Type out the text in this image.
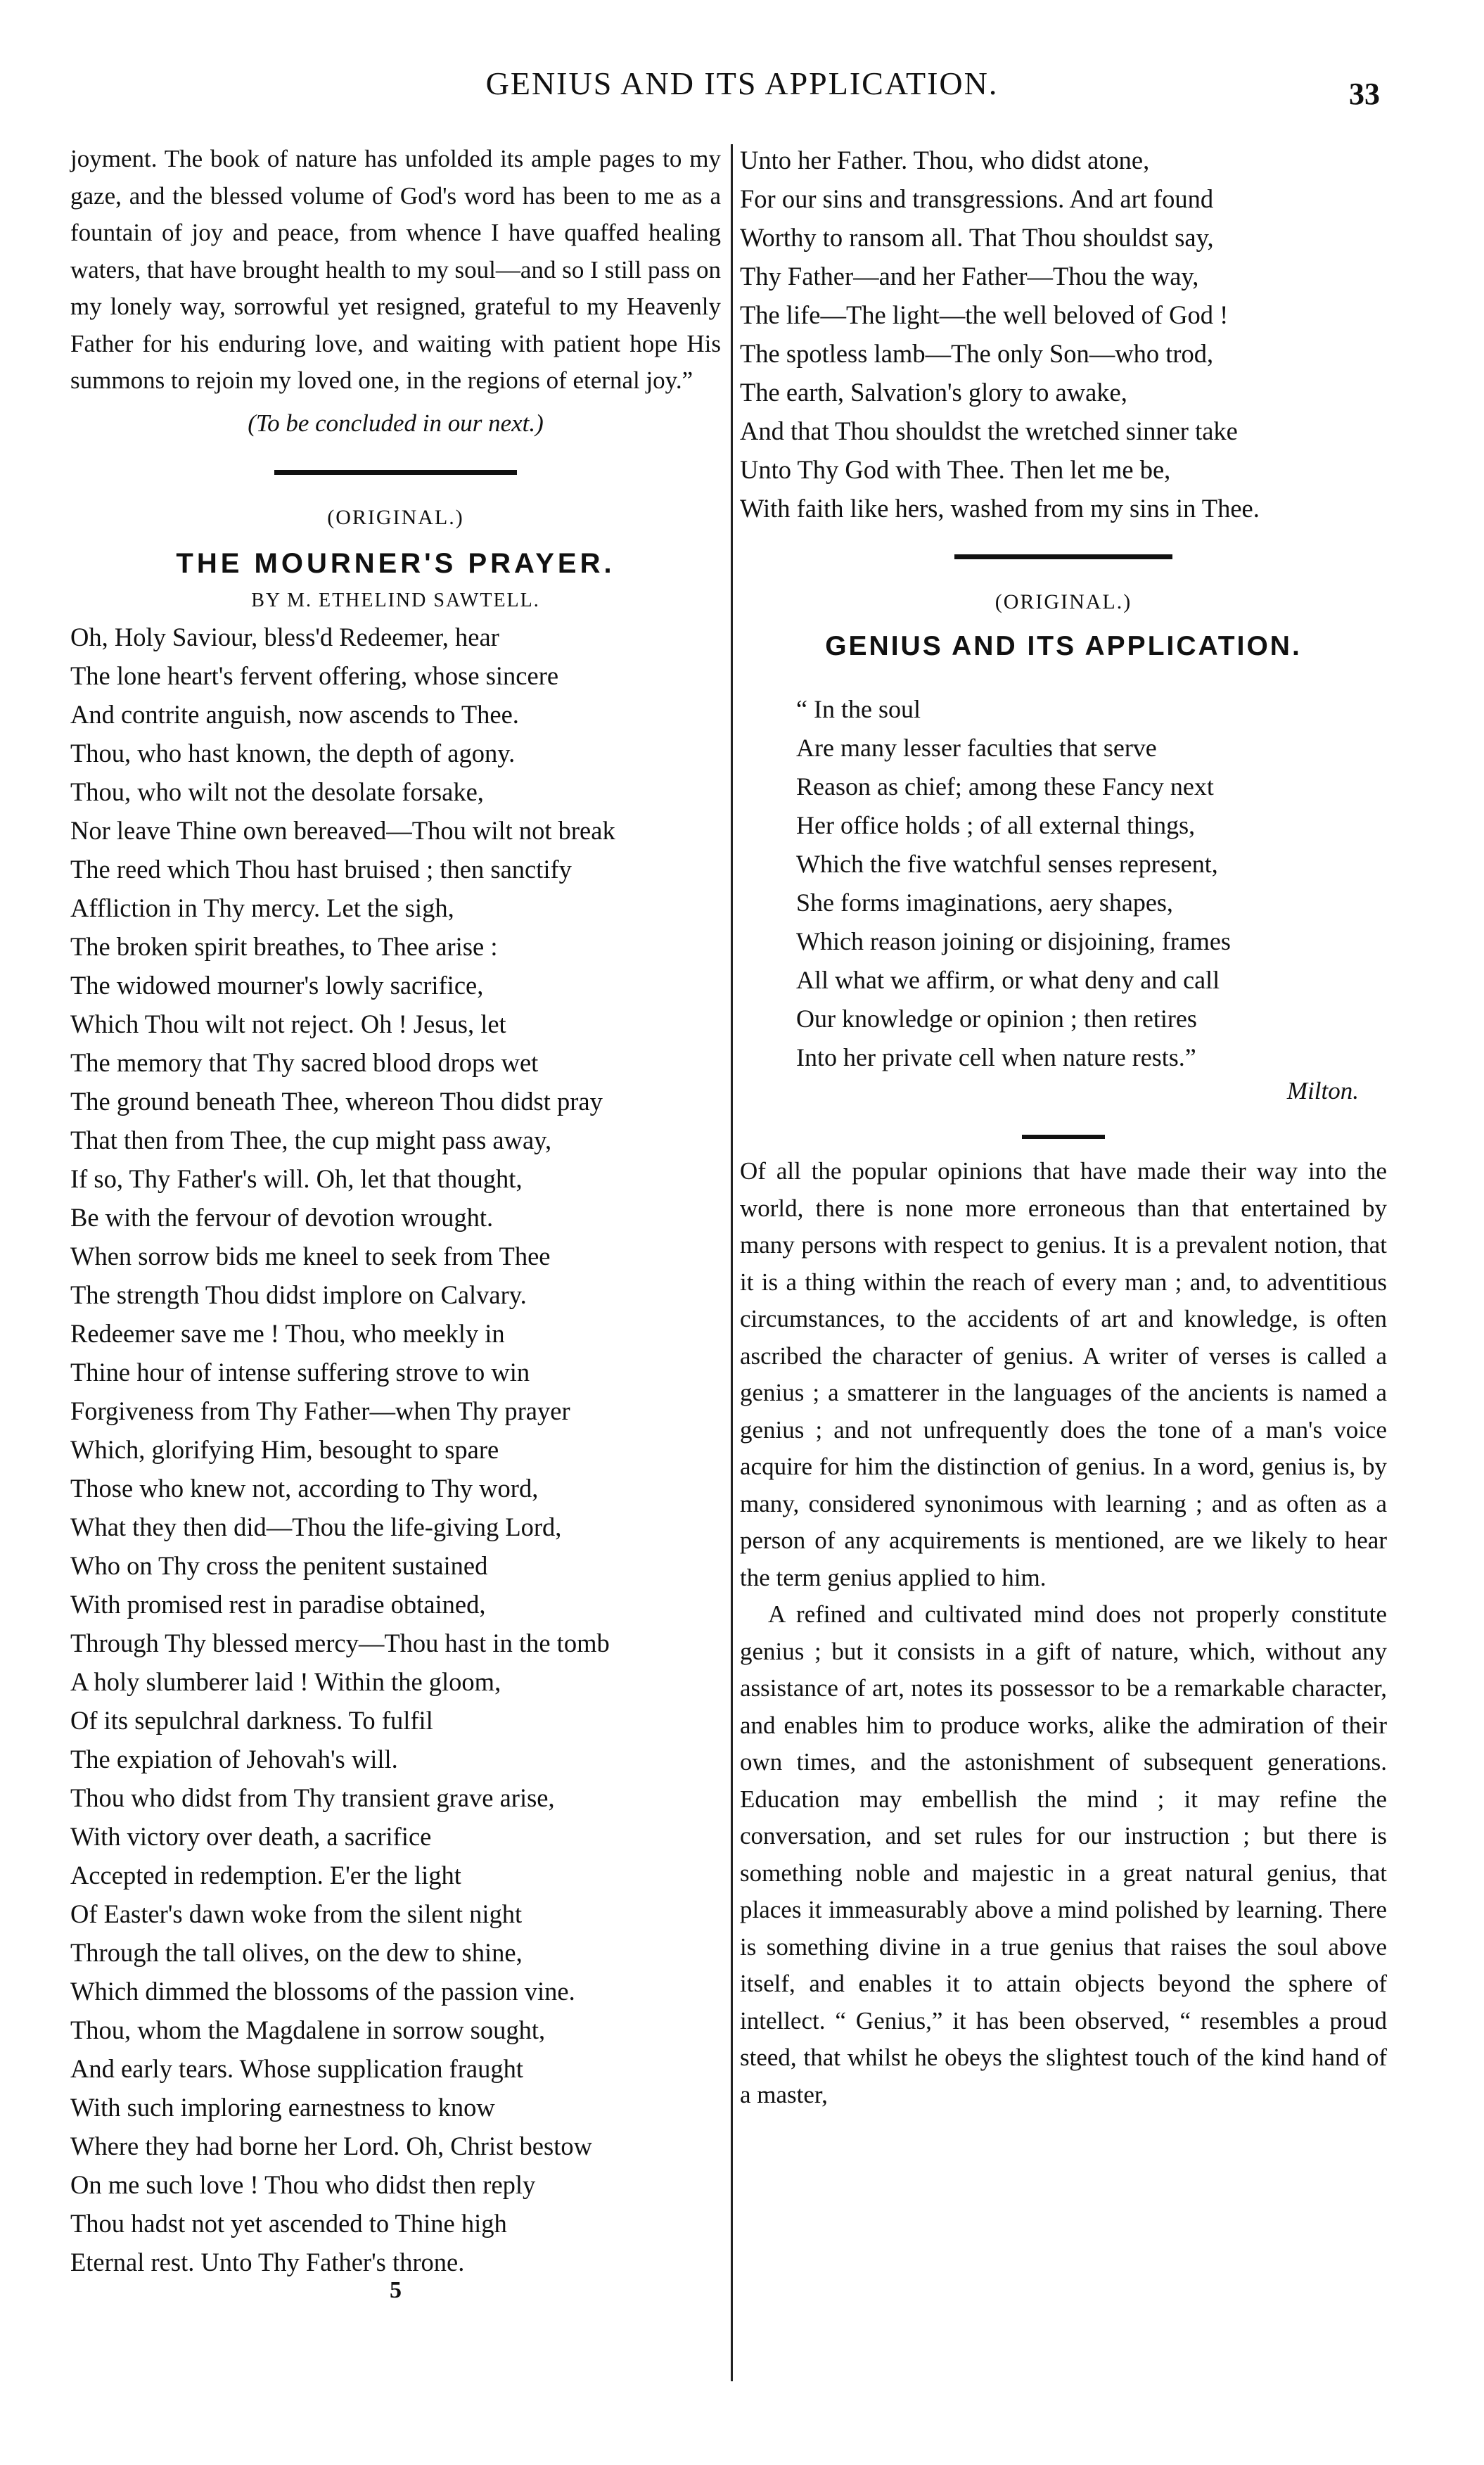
GENIUS AND ITS APPLICATION.	33

joyment. The book of nature has unfolded its ample pages to my gaze, and the blessed volume of God's word has been to me as a fountain of joy and peace, from whence I have quaffed healing waters, that have brought health to my soul—and so I still pass on my lonely way, sorrowful yet resigned, grateful to my Heavenly Father for his enduring love, and waiting with patient hope His summons to rejoin my loved one, in the regions of eternal joy.”

(To be concluded in our next.)

(ORIGINAL.)
THE MOURNER'S PRAYER.
BY M. ETHELIND SAWTELL.
Oh, Holy Saviour, bless'd Redeemer, hear
The lone heart's fervent offering, whose sincere
And contrite anguish, now ascends to Thee.
Thou, who hast known, the depth of agony.
Thou, who wilt not the desolate forsake,
Nor leave Thine own bereaved—Thou wilt not break
The reed which Thou hast bruised ; then sanctify
Affliction in Thy mercy. Let the sigh,
The broken spirit breathes, to Thee arise :
The widowed mourner's lowly sacrifice,
Which Thou wilt not reject. Oh ! Jesus, let
The memory that Thy sacred blood drops wet
The ground beneath Thee, whereon Thou didst pray
That then from Thee, the cup might pass away,
If so, Thy Father's will. Oh, let that thought,
Be with the fervour of devotion wrought.
When sorrow bids me kneel to seek from Thee
The strength Thou didst implore on Calvary.
Redeemer save me ! Thou, who meekly in
Thine hour of intense suffering strove to win
Forgiveness from Thy Father—when Thy prayer
Which, glorifying Him, besought to spare
Those who knew not, according to Thy word,
What they then did—Thou the life-giving Lord,
Who on Thy cross the penitent sustained
With promised rest in paradise obtained,
Through Thy blessed mercy—Thou hast in the tomb
A holy slumberer laid ! Within the gloom,
Of its sepulchral darkness. To fulfil
The expiation of Jehovah's will.
Thou who didst from Thy transient grave arise,
With victory over death, a sacrifice
Accepted in redemption. E'er the light
Of Easter's dawn woke from the silent night
Through the tall olives, on the dew to shine,
Which dimmed the blossoms of the passion vine.
Thou, whom the Magdalene in sorrow sought,
And early tears. Whose supplication fraught
With such imploring earnestness to know
Where they had borne her Lord. Oh, Christ bestow
On me such love ! Thou who didst then reply
Thou hadst not yet ascended to Thine high
Eternal rest. Unto Thy Father's throne.
5
Unto her Father. Thou, who didst atone,
For our sins and transgressions. And art found
Worthy to ransom all. That Thou shouldst say,
Thy Father—and her Father—Thou the way,
The life—The light—the well beloved of God !
The spotless lamb—The only Son—who trod,
The earth, Salvation's glory to awake,
And that Thou shouldst the wretched sinner take
Unto Thy God with Thee. Then let me be,
With faith like hers, washed from my sins in Thee.
(ORIGINAL.)
GENIUS AND ITS APPLICATION.
“ In the soul
Are many lesser faculties that serve
Reason as chief; among these Fancy next
Her office holds ; of all external things,
Which the five watchful senses represent,
She forms imaginations, aery shapes,
Which reason joining or disjoining, frames
All what we affirm, or what deny and call
Our knowledge or opinion ; then retires
Into her private cell when nature rests.”
Milton.

Of all the popular opinions that have made their way into the world, there is none more erroneous than that entertained by many persons with respect to genius. It is a prevalent notion, that it is a thing within the reach of every man ; and, to adventitious circumstances, to the accidents of art and knowledge, is often ascribed the character of genius. A writer of verses is called a genius ; a smatterer in the languages of the ancients is named a genius ; and not unfrequently does the tone of a man's voice acquire for him the distinction of genius. In a word, genius is, by many, considered synonimous with learning ; and as often as a person of any acquirements is mentioned, are we likely to hear the term genius applied to him.

A refined and cultivated mind does not properly constitute genius ; but it consists in a gift of nature, which, without any assistance of art, notes its possessor to be a remarkable character, and enables him to produce works, alike the admiration of their own times, and the astonishment of subsequent generations. Education may embellish the mind ; it may refine the conversation, and set rules for our instruction ; but there is something noble and majestic in a great natural genius, that places it immeasurably above a mind polished by learning. There is something divine in a true genius that raises the soul above itself, and enables it to attain objects beyond the sphere of intellect. “ Genius,” it has been observed, “ resembles a proud steed, that whilst he obeys the slightest touch of the kind hand of a master,
